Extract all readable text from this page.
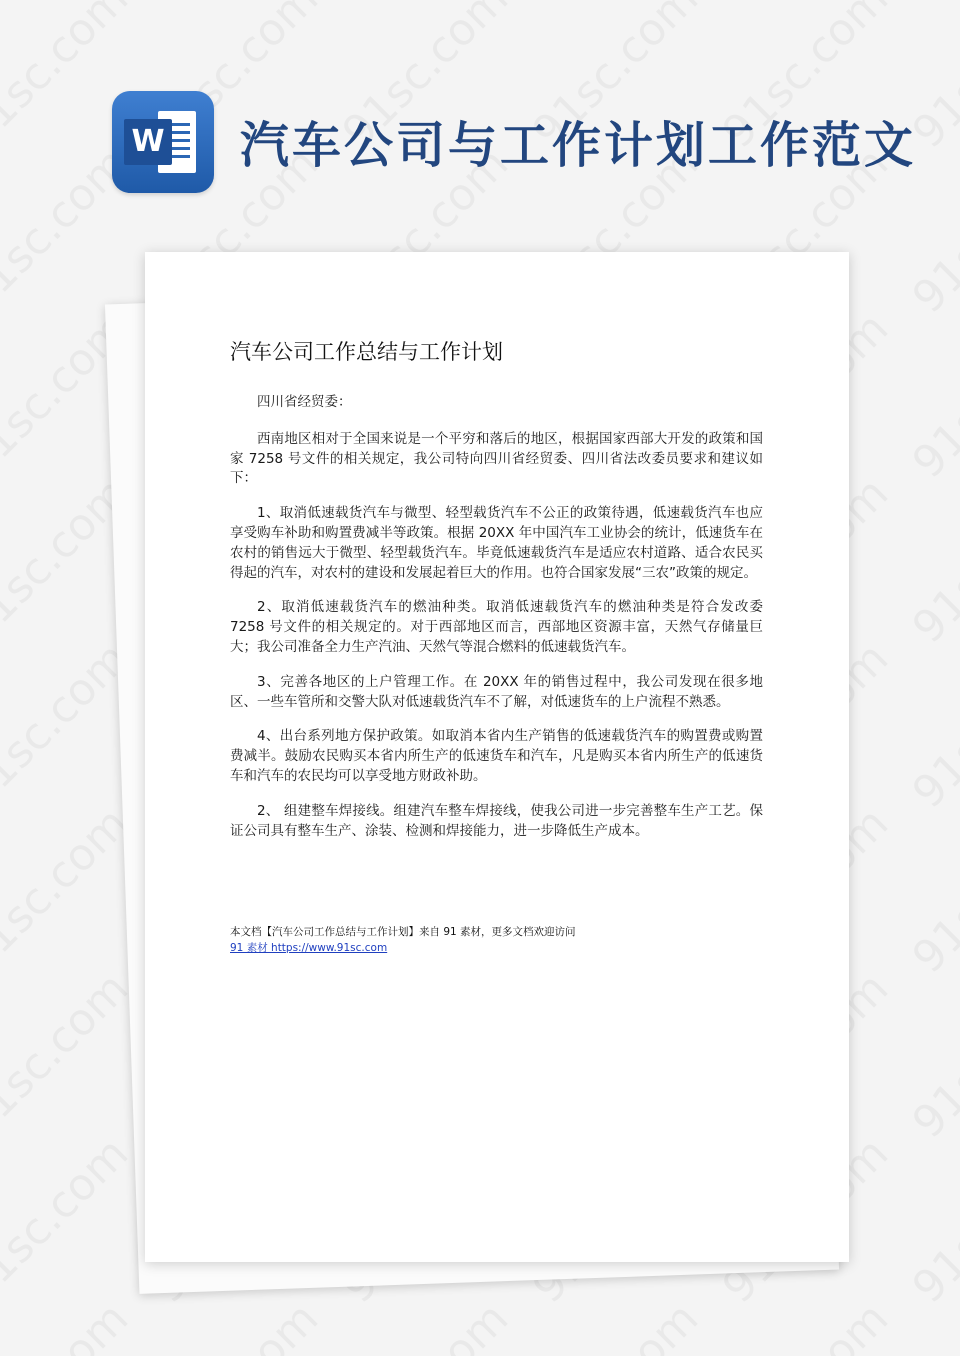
W 汽车公司与工作计划工作范文
汽车公司工作总结与工作计划

四川省经贸委：

西南地区相对于全国来说是一个平穷和落后的地区，根据国家西部大开发的政策和国家 7258 号文件的相关规定，我公司特向四川省经贸委、四川省法改委员要求和建议如下：

1、取消低速载货汽车与微型、轻型载货汽车不公正的政策待遇，低速载货汽车也应享受购车补助和购置费减半等政策。根据 20XX 年中国汽车工业协会的统计，低速货车在农村的销售远大于微型、轻型载货汽车。毕竟低速载货汽车是适应农村道路、适合农民买得起的汽车，对农村的建设和发展起着巨大的作用。也符合国家发展“三农”政策的规定。

2、取消低速载货汽车的燃油种类。取消低速载货汽车的燃油种类是符合发改委 7258 号文件的相关规定的。对于西部地区而言，西部地区资源丰富，天然气存储量巨大；我公司准备全力生产汽油、天然气等混合燃料的低速载货汽车。

3、完善各地区的上户管理工作。在 20XX 年的销售过程中，我公司发现在很多地区、一些车管所和交警大队对低速载货汽车不了解，对低速货车的上户流程不熟悉。

4、出台系列地方保护政策。如取消本省内生产销售的低速载货汽车的购置费或购置费减半。鼓励农民购买本省内所生产的低速货车和汽车，凡是购买本省内所生产的低速货车和汽车的农民均可以享受地方财政补助。

2、 组建整车焊接线。组建汽车整车焊接线，使我公司进一步完善整车生产工艺。保证公司具有整车生产、涂装、检测和焊接能力，进一步降低生产成本。

本文档【汽车公司工作总结与工作计划】来自 91 素材，更多文档欢迎访问
91 素材 https://www.91sc.com
